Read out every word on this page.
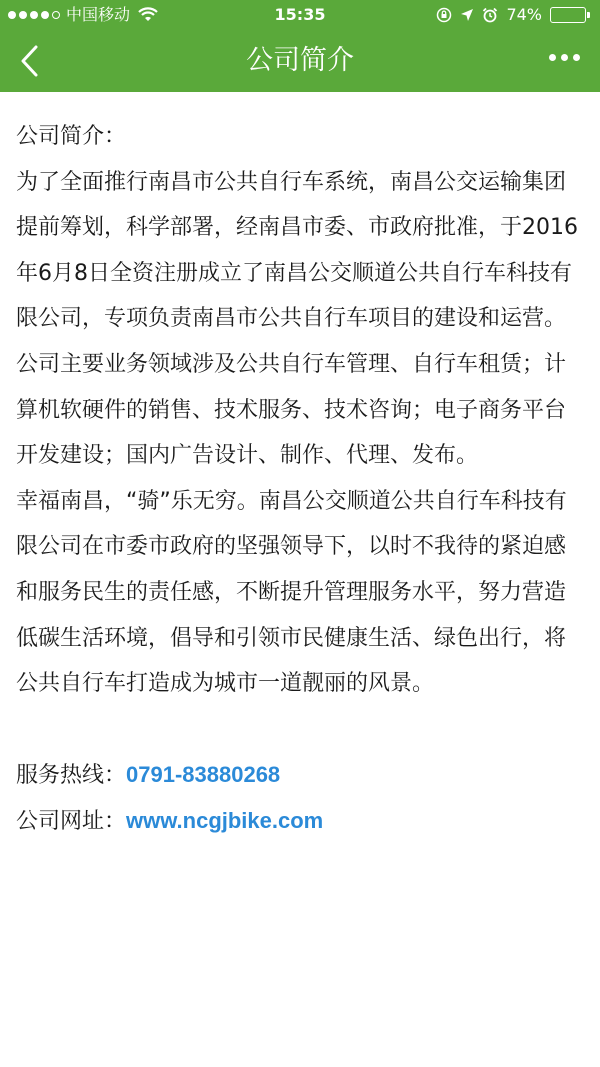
中国移动	15:35	74%
公司简介
公司简介：
为了全面推行南昌市公共自行车系统，南昌公交运输集团提前筹划，科学部署，经南昌市委、市政府批准，于2016年6月8日全资注册成立了南昌公交顺道公共自行车科技有限公司，专项负责南昌市公共自行车项目的建设和运营。
公司主要业务领域涉及公共自行车管理、自行车租赁；计算机软硬件的销售、技术服务、技术咨询；电子商务平台开发建设；国内广告设计、制作、代理、发布。
幸福南昌，“骑”乐无穷。南昌公交顺道公共自行车科技有限公司在市委市政府的坚强领导下，以时不我待的紧迫感和服务民生的责任感，不断提升管理服务水平，努力营造低碳生活环境，倡导和引领市民健康生活、绿色出行，将公共自行车打造成为城市一道靓丽的风景。
服务热线：0791-83880268
公司网址：www.ncgjbike.com
